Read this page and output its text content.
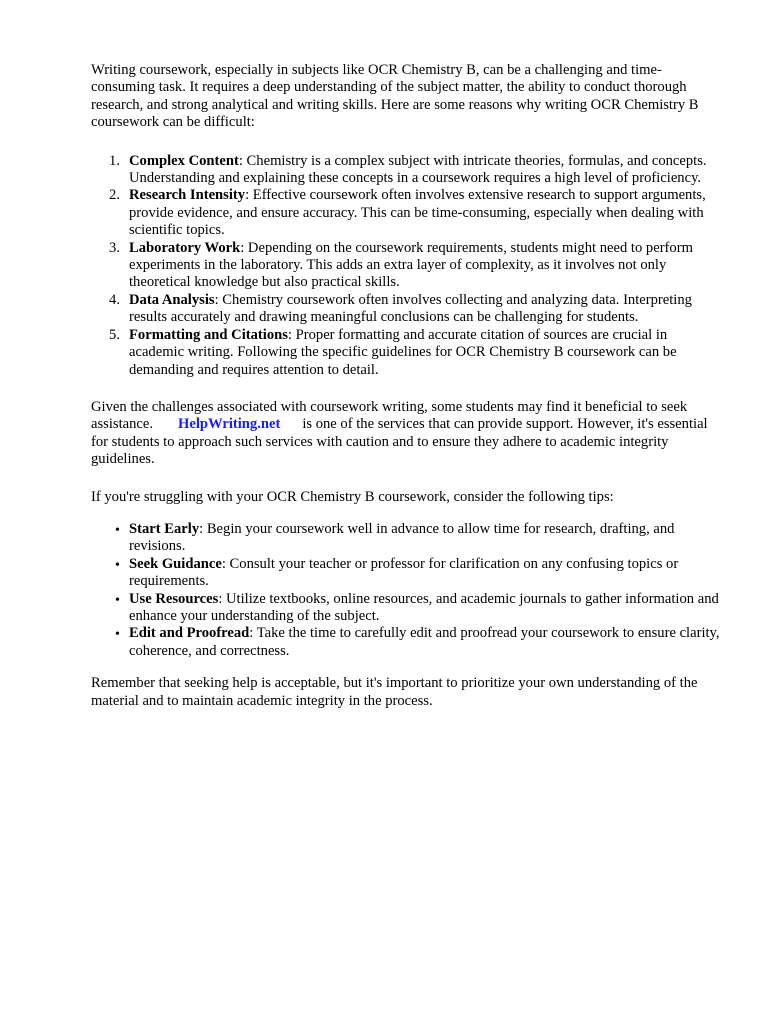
Writing coursework, especially in subjects like OCR Chemistry B, can be a challenging and time-consuming task. It requires a deep understanding of the subject matter, the ability to conduct thorough research, and strong analytical and writing skills. Here are some reasons why writing OCR Chemistry B coursework can be difficult:

1. Complex Content: Chemistry is a complex subject with intricate theories, formulas, and concepts. Understanding and explaining these concepts in a coursework requires a high level of proficiency.
2. Research Intensity: Effective coursework often involves extensive research to support arguments, provide evidence, and ensure accuracy. This can be time-consuming, especially when dealing with scientific topics.
3. Laboratory Work: Depending on the coursework requirements, students might need to perform experiments in the laboratory. This adds an extra layer of complexity, as it involves not only theoretical knowledge but also practical skills.
4. Data Analysis: Chemistry coursework often involves collecting and analyzing data. Interpreting results accurately and drawing meaningful conclusions can be challenging for students.
5. Formatting and Citations: Proper formatting and accurate citation of sources are crucial in academic writing. Following the specific guidelines for OCR Chemistry B coursework can be demanding and requires attention to detail.

Given the challenges associated with coursework writing, some students may find it beneficial to seek assistance. HelpWriting.net is one of the services that can provide support. However, it's essential for students to approach such services with caution and to ensure they adhere to academic integrity guidelines.

If you're struggling with your OCR Chemistry B coursework, consider the following tips:

• Start Early: Begin your coursework well in advance to allow time for research, drafting, and revisions.
• Seek Guidance: Consult your teacher or professor for clarification on any confusing topics or requirements.
• Use Resources: Utilize textbooks, online resources, and academic journals to gather information and enhance your understanding of the subject.
• Edit and Proofread: Take the time to carefully edit and proofread your coursework to ensure clarity, coherence, and correctness.

Remember that seeking help is acceptable, but it's important to prioritize your own understanding of the material and to maintain academic integrity in the process.
